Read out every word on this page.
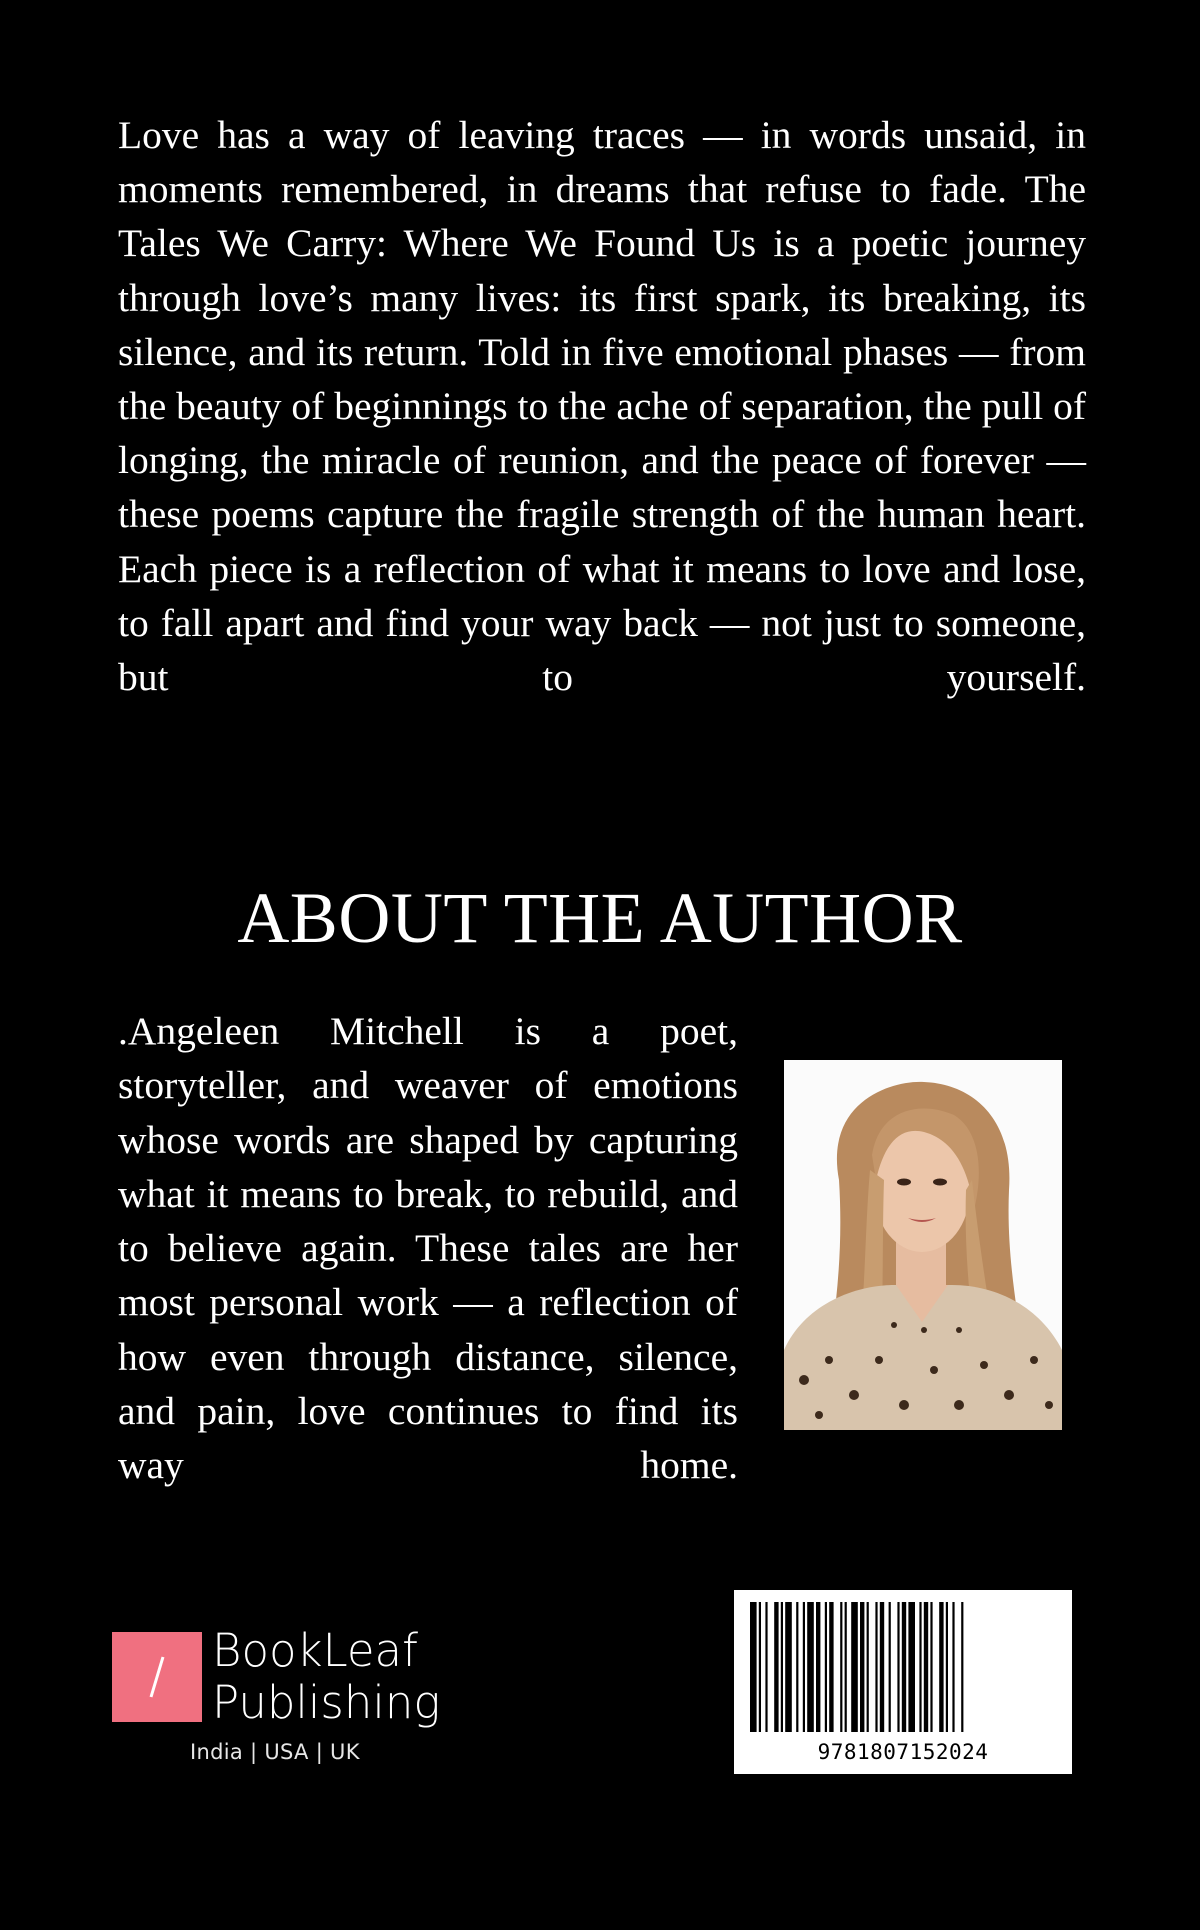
Love has a way of leaving traces — in words unsaid, in moments remembered, in dreams that refuse to fade. The Tales We Carry: Where We Found Us is a poetic journey through love’s many lives: its first spark, its breaking, its silence, and its return. Told in five emotional phases — from the beauty of beginnings to the ache of separation, the pull of longing, the miracle of reunion, and the peace of forever — these poems capture the fragile strength of the human heart. Each piece is a reflection of what it means to love and lose, to fall apart and find your way back — not just to someone, but to yourself.

ABOUT THE AUTHOR

.Angeleen Mitchell is a poet, storyteller, and weaver of emotions whose words are shaped by capturing what it means to break, to rebuild, and to believe again. These tales are her most personal work — a reflection of how even through distance, silence, and pain, love continues to find its way home.

BookLeaf
Publishing
India | USA | UK	9781807152024
